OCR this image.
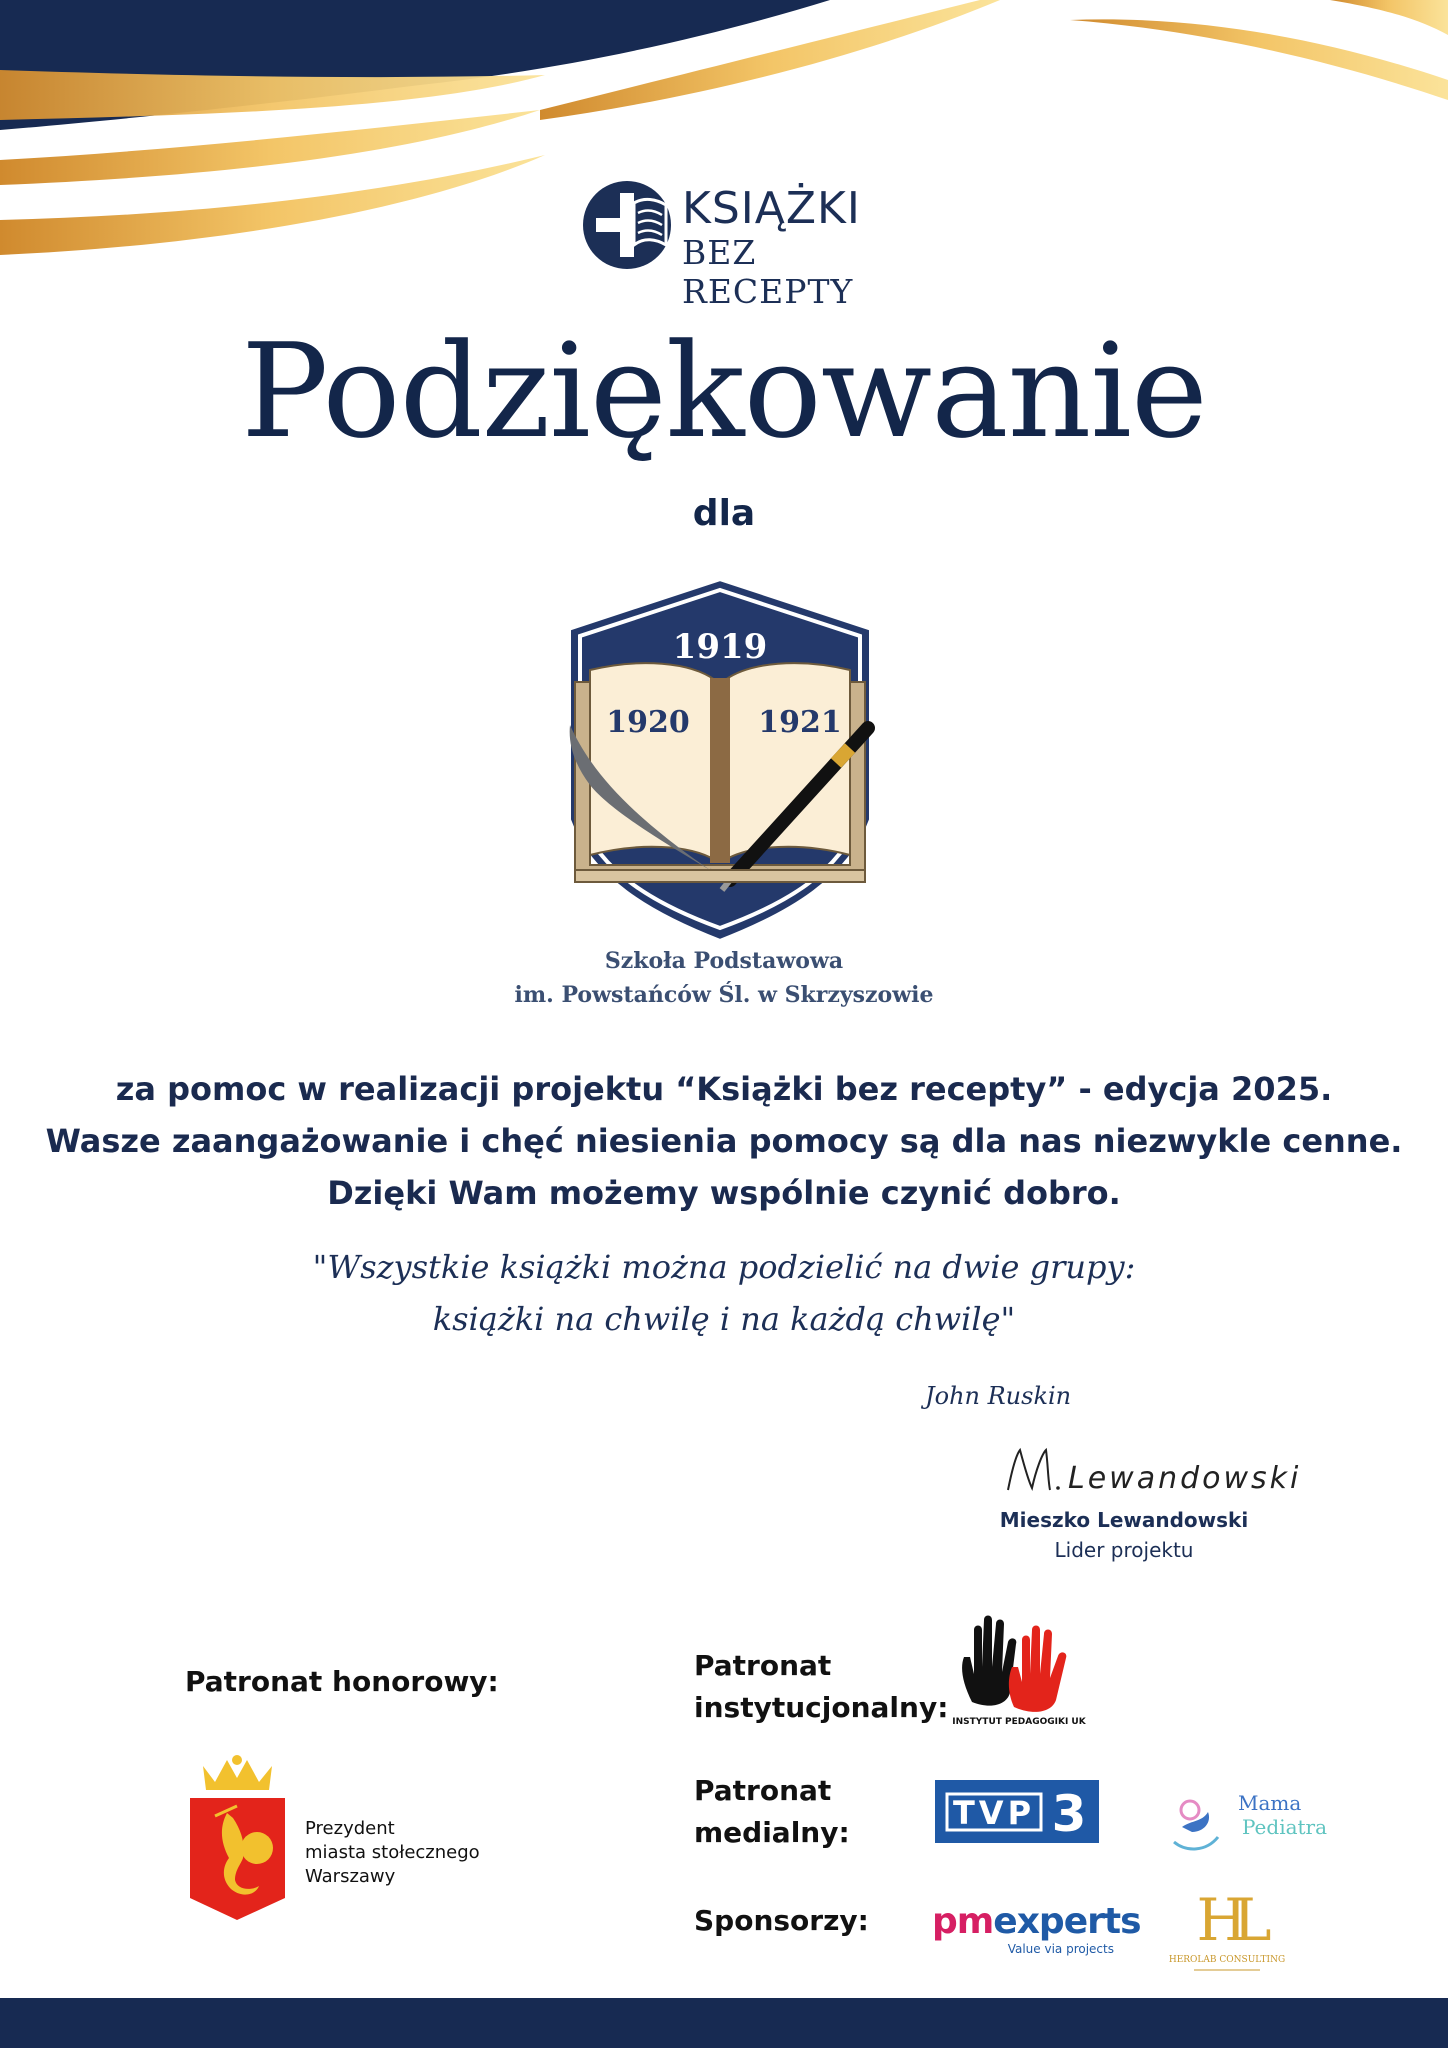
KSIĄŻKI
BEZ RECEPTY
Podziękowanie
dla
1919
1920 1921
Szkoła Podstawowa
im. Powstańców Śl. w Skrzyszowie
za pomoc w realizacji projektu “Książki bez recepty” - edycja 2025.
Wasze zaangażowanie i chęć niesienia pomocy są dla nas niezwykle cenne.
Dzięki Wam możemy wspólnie czynić dobro.
"Wszystkie książki można podzielić na dwie grupy:
książki na chwilę i na każdą chwilę"
John Ruskin
Lewandowski
Mieszko Lewandowski
Lider projektu
Patronat honorowy:
Prezydent
miasta stołecznego
Warszawy
Patronat
instytucjonalny: INSTYTUT PEDAGOGIKI UK
Patronat
medialny:
TVP 3	Mama
Pediatra
Sponsorzy: pmexperts
Value via projects HL
HEROLAB CONSULTING
